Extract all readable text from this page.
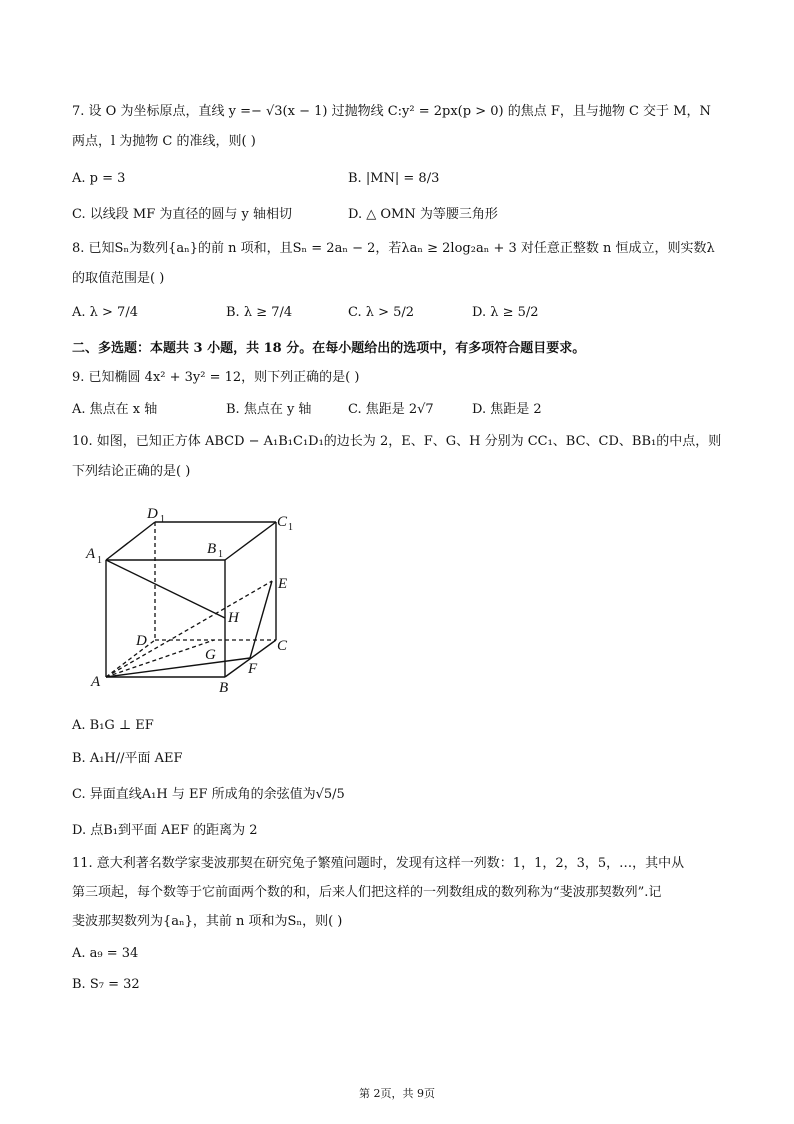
7. 设 O 为坐标原点，直线 y =− √3(x − 1) 过抛物线 C:y² = 2px(p > 0) 的焦点 F，且与抛物 C 交于 M，N
两点，l 为抛物 C 的准线，则( )
A. p = 3	B. |MN| = 8/3
C. 以线段 MF 为直径的圆与 y 轴相切	D. △ OMN 为等腰三角形
8. 已知Sₙ为数列{aₙ}的前 n 项和，且Sₙ = 2aₙ − 2，若λaₙ ≥ 2log₂aₙ + 3 对任意正整数 n 恒成立，则实数λ
的取值范围是( )
A. λ > 7/4	B. λ ≥ 7/4	C. λ > 5/2	D. λ ≥ 5/2
二、多选题：本题共 3 小题，共 18 分。在每小题给出的选项中，有多项符合题目要求。
9. 已知椭圆 4x² + 3y² = 12，则下列正确的是( )
A. 焦点在 x 轴	B. 焦点在 y 轴	C. 焦距是 2√7	D. 焦距是 2
10. 如图，已知正方体 ABCD − A₁B₁C₁D₁的边长为 2，E、F、G、H 分别为 CC₁、BC、CD、BB₁的中点，则
下列结论正确的是( )
D 1	C 1
A 1
B 1
E
H
D
G
C
F
A	B
A. B₁G ⊥ EF
B. A₁H//平面 AEF
C. 异面直线A₁H 与 EF 所成角的余弦值为√5/5
D. 点B₁到平面 AEF 的距离为 2
11. 意大利著名数学家斐波那契在研究兔子繁殖问题时，发现有这样一列数：1，1，2，3，5，…，其中从
第三项起，每个数等于它前面两个数的和，后来人们把这样的一列数组成的数列称为“斐波那契数列”.记
斐波那契数列为{aₙ}，其前 n 项和为Sₙ，则( )
A. a₉ = 34
B. S₇ = 32
第 2页，共 9页
